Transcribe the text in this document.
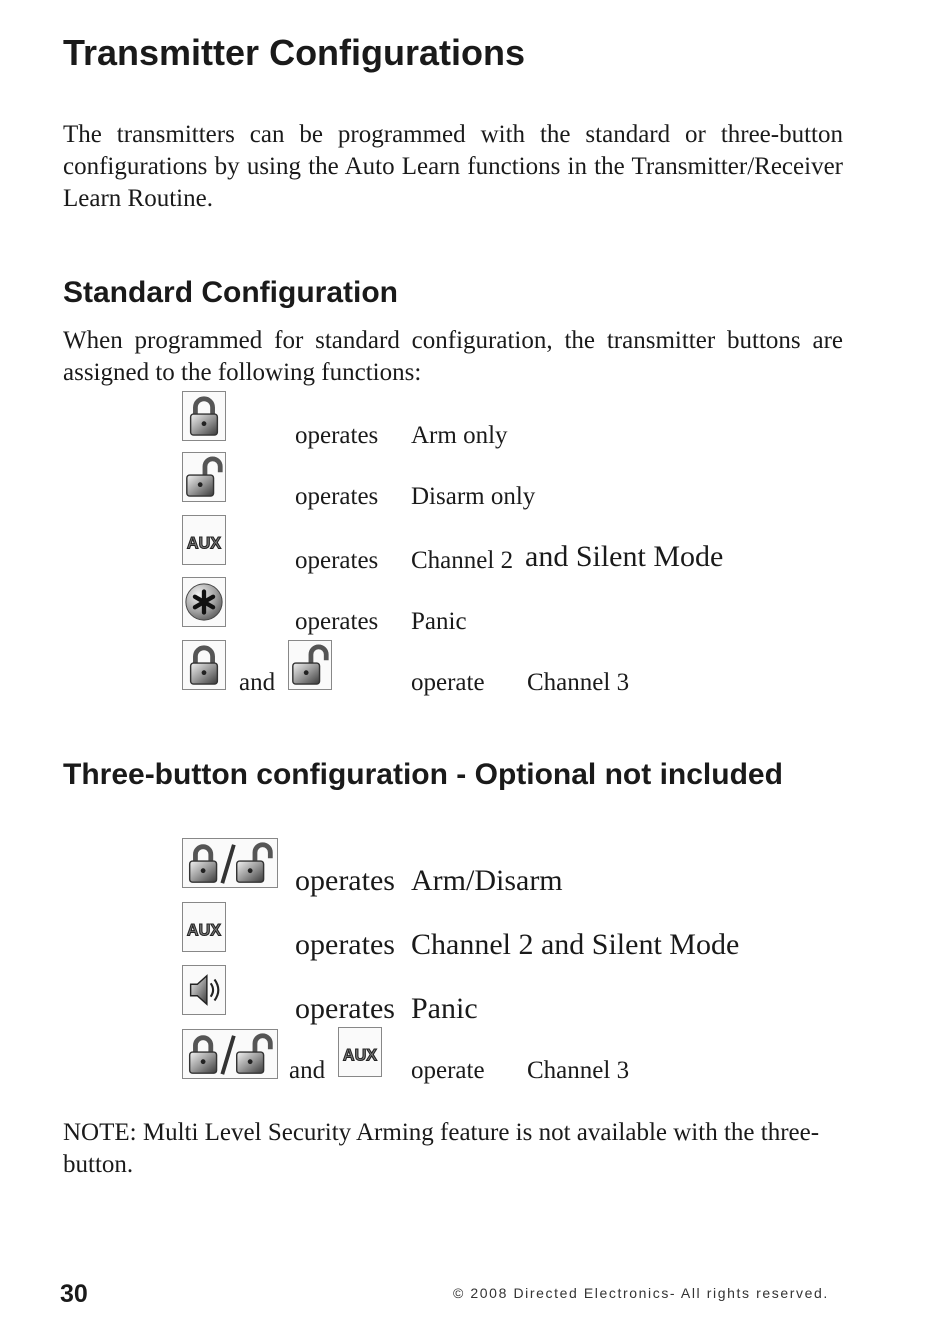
Transmitter Configurations
The transmitters can be programmed with the standard or three-button configurations by using the Auto Learn functions in the Transmitter/Receiver Learn Routine.
Standard Configuration
When programmed for standard configuration, the transmitter buttons are assigned to the following functions:
operates Arm only
operates Disarm only
operates Channel 2 and Silent Mode
operates Panic
and	operate Channel 3
Three-button configuration - Optional not included
operates Arm/Disarm
operates Channel 2 and Silent Mode
operates Panic
and	operate Channel 3
NOTE: Multi Level Security Arming feature is not available with the three-button.
30	© 2008 Directed Electronics- All rights reserved.
